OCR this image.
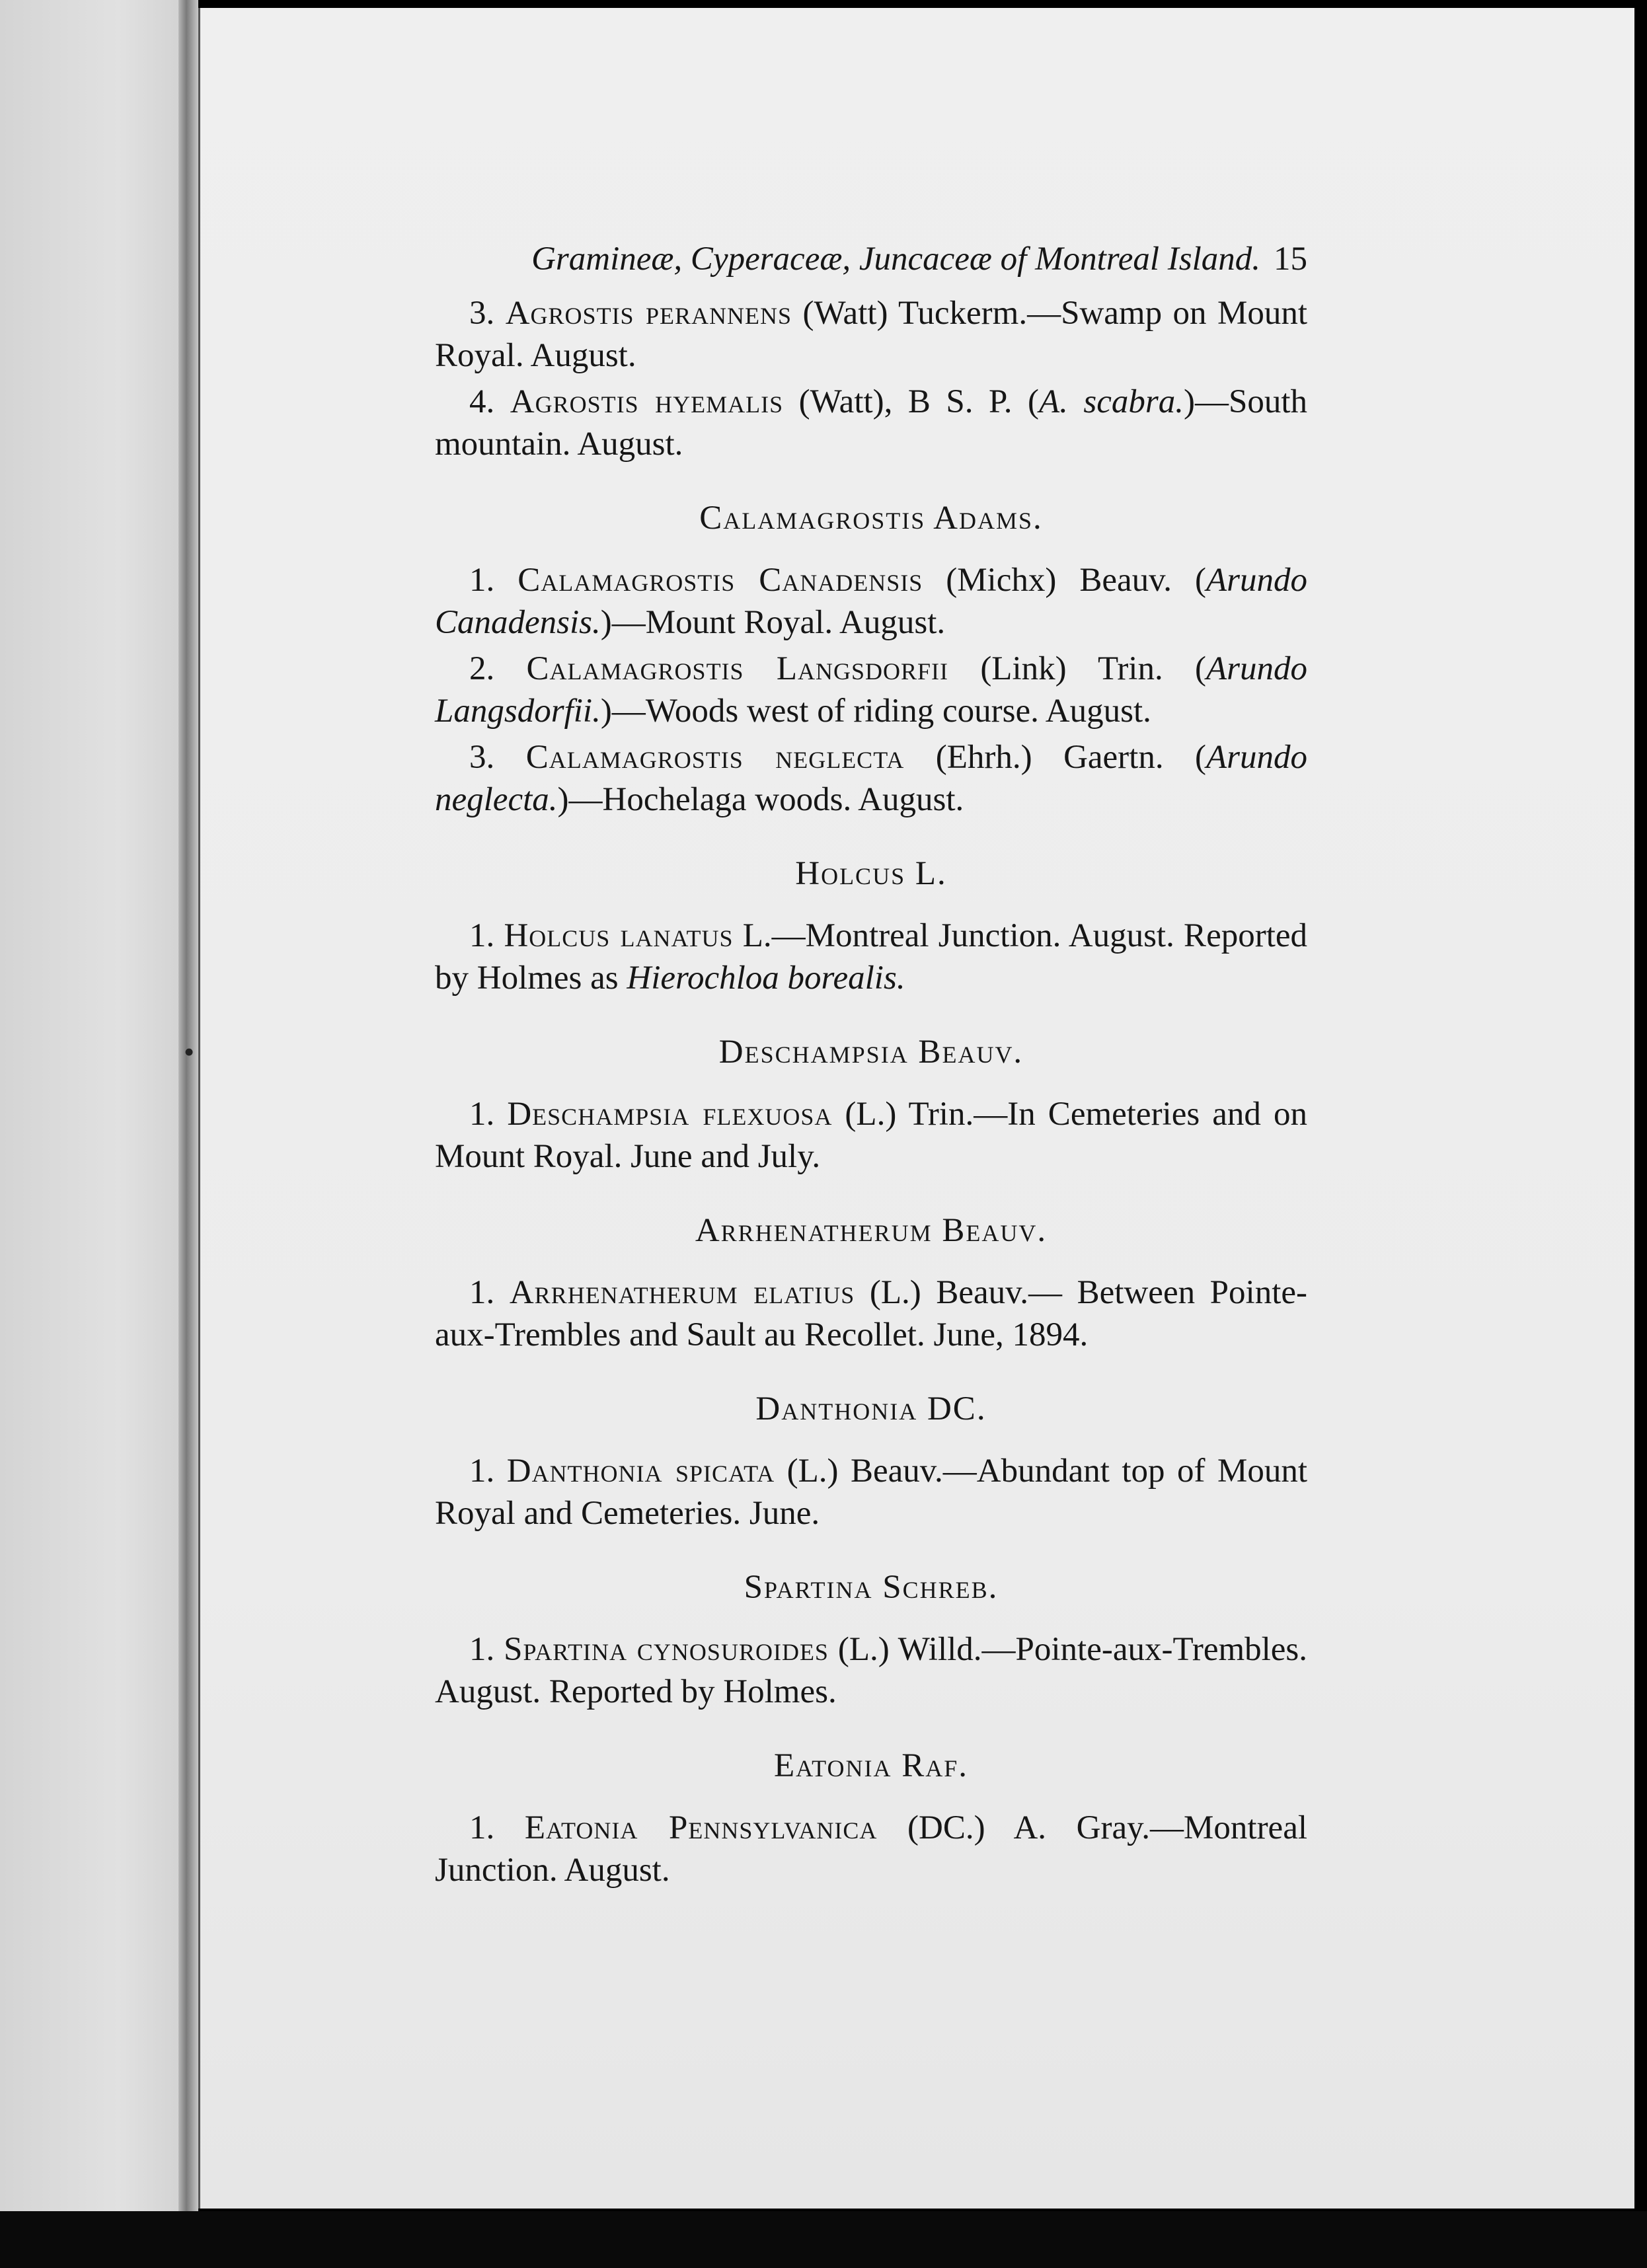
•
Gramineæ, Cyperaceæ, Juncaceæ of Montreal Island. 15

3. Agrostis perannens (Watt) Tuckerm.—Swamp on Mount Royal. August.

4. Agrostis hyemalis (Watt), B S. P. (A. scabra.)—South mountain. August.

Calamagrostis Adams.

1. Calamagrostis Canadensis (Michx) Beauv. (Arundo Canadensis.)—Mount Royal. August.

2. Calamagrostis Langsdorfii (Link) Trin. (Arundo Langsdorfii.)—Woods west of riding course. August.

3. Calamagrostis neglecta (Ehrh.) Gaertn. (Arundo neglecta.)—Hochelaga woods. August.

Holcus L.

1. Holcus lanatus L.—Montreal Junction. August. Reported by Holmes as Hierochloa borealis.

Deschampsia Beauv.

1. Deschampsia flexuosa (L.) Trin.—In Cemeteries and on Mount Royal. June and July.

Arrhenatherum Beauv.

1. Arrhenatherum elatius (L.) Beauv.— Between Pointe-aux-Trembles and Sault au Recollet. June, 1894.

Danthonia DC.

1. Danthonia spicata (L.) Beauv.—Abundant top of Mount Royal and Cemeteries. June.

Spartina Schreb.

1. Spartina cynosuroides (L.) Willd.—Pointe-aux-Trembles. August. Reported by Holmes.

Eatonia Raf.

1. Eatonia Pennsylvanica (DC.) A. Gray.—Montreal Junction. August.
